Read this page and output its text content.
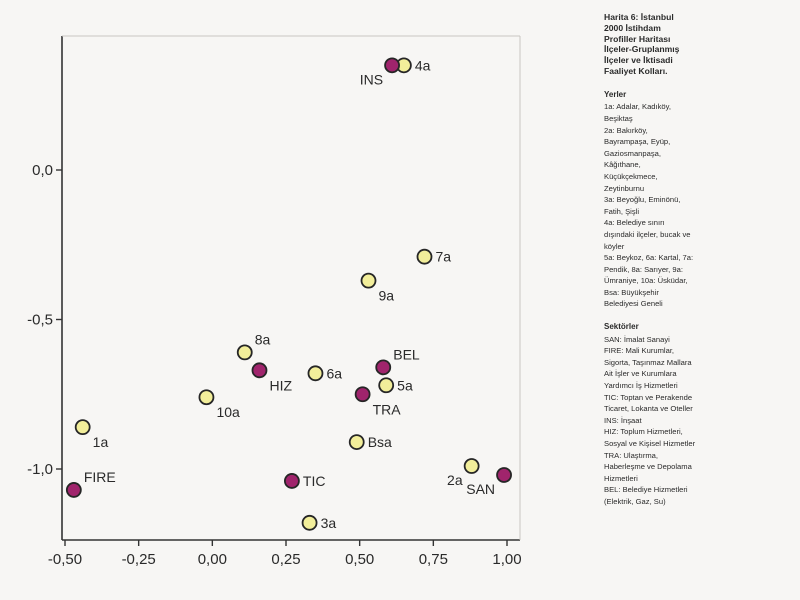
-0,50	-0,25	0,00	0,25	0,50	0,75	1,00
0,0
-0,5
-1,0
1a
2a
3a
4a
5a
6a
7a
8a
9a
10a
Bsa
SAN
FIRE	TIC
INS
HIZ
TRA
BEL
Harita 6: İstanbul
2000 İstihdam
Profiller Haritası
İlçeler-Gruplanmış
İlçeler ve İktisadi
Faaliyet Kolları.
Yerler
1a: Adalar, Kadıköy,
Beşiktaş
2a: Bakırköy,
Bayrampaşa, Eyüp,
Gaziosmanpaşa,
Kâğıthane,
Küçükçekmece,
Zeytinburnu
3a: Beyoğlu, Eminönü,
Fatih, Şişli
4a: Belediye sınırı
dışındaki ilçeler, bucak ve
köyler
5a: Beykoz, 6a: Kartal, 7a:
Pendik, 8a: Sarıyer, 9a:
Ümraniye, 10a: Üsküdar,
Bsa: Büyükşehir
Belediyesi Geneli
Sektörler
SAN: İmalat Sanayi
FIRE: Mali Kurumlar,
Sigorta, Taşınmaz Mallara
Ait İşler ve Kurumlara
Yardımcı İş Hizmetleri
TIC: Toptan ve Perakende
Ticaret, Lokanta ve Oteller
INS: İnşaat
HIZ: Toplum Hizmetleri,
Sosyal ve Kişisel Hizmetler
TRA: Ulaştırma,
Haberleşme ve Depolama
Hizmetleri
BEL: Belediye Hizmetleri
(Elektrik, Gaz, Su)
